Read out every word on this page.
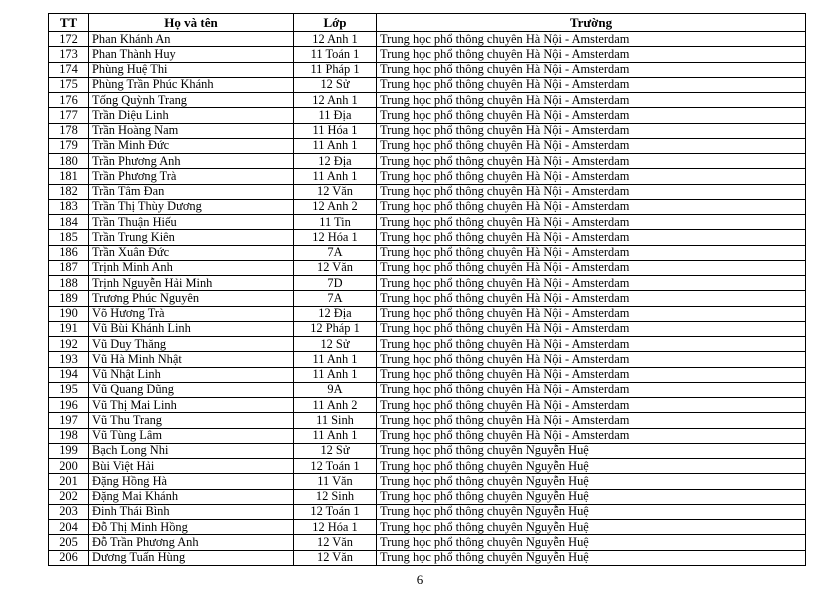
TT	Họ và tên	Lớp	Trường
172	Phan Khánh An	12 Anh 1	Trung học phổ thông chuyên Hà Nội - Amsterdam
173	Phan Thành Huy	11 Toán 1	Trung học phổ thông chuyên Hà Nội - Amsterdam
174	Phùng Huệ Thi	11 Pháp 1	Trung học phổ thông chuyên Hà Nội - Amsterdam
175	Phùng Trần Phúc Khánh	12 Sử	Trung học phổ thông chuyên Hà Nội - Amsterdam
176	Tống Quỳnh Trang	12 Anh 1	Trung học phổ thông chuyên Hà Nội - Amsterdam
177	Trần Diệu Linh	11 Địa	Trung học phổ thông chuyên Hà Nội - Amsterdam
178	Trần Hoàng Nam	11 Hóa 1	Trung học phổ thông chuyên Hà Nội - Amsterdam
179	Trần Minh Đức	11 Anh 1	Trung học phổ thông chuyên Hà Nội - Amsterdam
180	Trần Phương Anh	12 Địa	Trung học phổ thông chuyên Hà Nội - Amsterdam
181	Trần Phương Trà	11 Anh 1	Trung học phổ thông chuyên Hà Nội - Amsterdam
182	Trần Tâm Đan	12 Văn	Trung học phổ thông chuyên Hà Nội - Amsterdam
183	Trần Thị Thùy Dương	12 Anh 2	Trung học phổ thông chuyên Hà Nội - Amsterdam
184	Trần Thuận Hiếu	11 Tin	Trung học phổ thông chuyên Hà Nội - Amsterdam
185	Trần Trung Kiên	12 Hóa 1	Trung học phổ thông chuyên Hà Nội - Amsterdam
186	Trần Xuân Đức	7A	Trung học phổ thông chuyên Hà Nội - Amsterdam
187	Trịnh Minh Anh	12 Văn	Trung học phổ thông chuyên Hà Nội - Amsterdam
188	Trịnh Nguyễn Hải Minh	7D	Trung học phổ thông chuyên Hà Nội - Amsterdam
189	Trương Phúc Nguyên	7A	Trung học phổ thông chuyên Hà Nội - Amsterdam
190	Võ Hương Trà	12 Địa	Trung học phổ thông chuyên Hà Nội - Amsterdam
191	Vũ Bùi Khánh Linh	12 Pháp 1	Trung học phổ thông chuyên Hà Nội - Amsterdam
192	Vũ Duy Thăng	12 Sử	Trung học phổ thông chuyên Hà Nội - Amsterdam
193	Vũ Hà Minh Nhật	11 Anh 1	Trung học phổ thông chuyên Hà Nội - Amsterdam
194	Vũ Nhật Linh	11 Anh 1	Trung học phổ thông chuyên Hà Nội - Amsterdam
195	Vũ Quang Dũng	9A	Trung học phổ thông chuyên Hà Nội - Amsterdam
196	Vũ Thị Mai Linh	11 Anh 2	Trung học phổ thông chuyên Hà Nội - Amsterdam
197	Vũ Thu Trang	11 Sinh	Trung học phổ thông chuyên Hà Nội - Amsterdam
198	Vũ Tùng Lâm	11 Anh 1	Trung học phổ thông chuyên Hà Nội - Amsterdam
199	Bạch Long Nhi	12 Sử	Trung học phổ thông chuyên Nguyễn Huệ
200	Bùi Việt Hải	12 Toán 1	Trung học phổ thông chuyên Nguyễn Huệ
201	Đặng Hồng Hà	11 Văn	Trung học phổ thông chuyên Nguyễn Huệ
202	Đặng Mai Khánh	12 Sinh	Trung học phổ thông chuyên Nguyễn Huệ
203	Đinh Thái Bình	12 Toán 1	Trung học phổ thông chuyên Nguyễn Huệ
204	Đỗ Thị Minh Hồng	12 Hóa 1	Trung học phổ thông chuyên Nguyễn Huệ
205	Đỗ Trần Phương Anh	12 Văn	Trung học phổ thông chuyên Nguyễn Huệ
206	Dương Tuấn Hùng	12 Văn	Trung học phổ thông chuyên Nguyễn Huệ
6
